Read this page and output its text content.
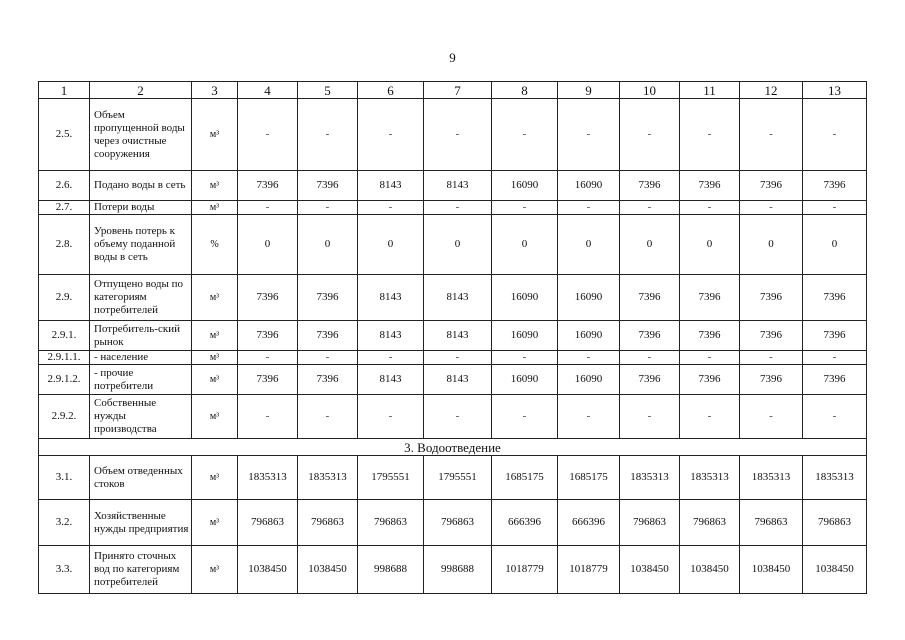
9
1	2	3	4	5	6	7	8	9	10	11	12	13
2.5.	Объем пропущенной воды через очистные сооружения	м³	-	-	-	-	-	-	-	-	-	-
2.6.	Подано воды в сеть	м³	7396	7396	8143	8143	16090	16090	7396	7396	7396	7396
2.7.	Потери воды	м³	-	-	-	-	-	-	-	-	-	-
2.8.	Уровень потерь к объему поданной воды в сеть	%	0	0	0	0	0	0	0	0	0	0
2.9.	Отпущено воды по категориям потребителей	м³	7396	7396	8143	8143	16090	16090	7396	7396	7396	7396
2.9.1.	Потребитель-ский рынок	м³	7396	7396	8143	8143	16090	16090	7396	7396	7396	7396
2.9.1.1.	- население	м³	-	-	-	-	-	-	-	-	-	-
2.9.1.2.	- прочие потребители	м³	7396	7396	8143	8143	16090	16090	7396	7396	7396	7396
2.9.2.	Собственные нужды производства	м³	-	-	-	-	-	-	-	-	-	-
3. Водоотведение												
3.1.	Объем отведенных стоков	м³	1835313	1835313	1795551	1795551	1685175	1685175	1835313	1835313	1835313	1835313
3.2.	Хозяйственные нужды предприятия	м³	796863	796863	796863	796863	666396	666396	796863	796863	796863	796863
3.3.	Принято сточных вод по категориям потребителей	м³	1038450	1038450	998688	998688	1018779	1018779	1038450	1038450	1038450	1038450
